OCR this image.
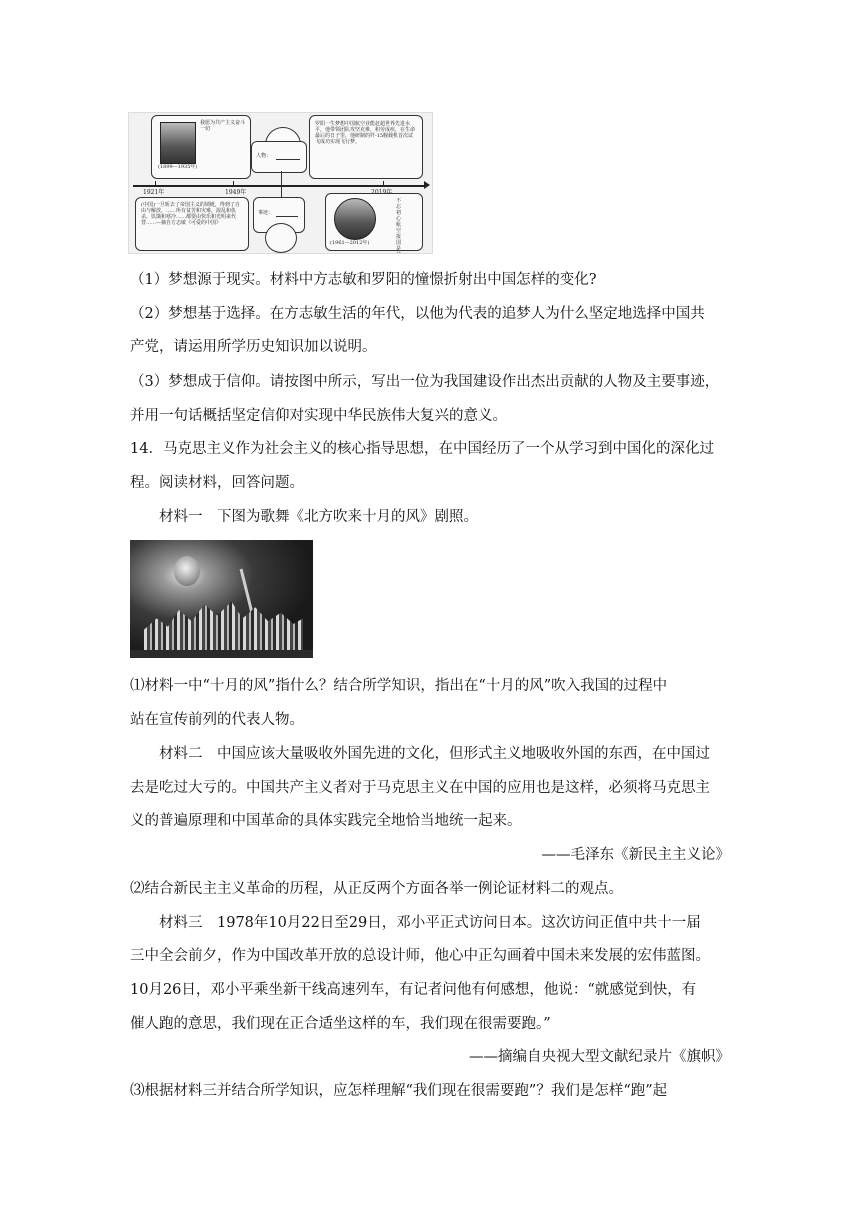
(1899—1935年)
我愿为共产主义奋斗一切
人物：
罗阳一生梦想中国航空业能赶超世界先进水平，他带领团队攻坚克难，积劳成疾，在生命最后的日子里，他研制的歼-15舰载机首次试飞成功实现飞行梦。
1921年	1949年
(中国)一旦斩去了帝国主义的锁链，得到了自由与解放，……所有贫苦和灾难，混乱和仇杀，饥饿和寒冷……都要由快乐和光明来代替……—摘自方志敏《可爱的中国》
事迹：
(1961—2012年)
不忘初心 航空报国 是
（1）梦想源于现实。材料中方志敏和罗阳的憧憬折射出中国怎样的变化?
（2）梦想基于选择。在方志敏生活的年代，以他为代表的追梦人为什么坚定地选择中国共
产党，请运用所学历史知识加以说明。
（3）梦想成于信仰。请按图中所示，写出一位为我国建设作出杰出贡献的人物及主要事迹，
并用一句话概括坚定信仰对实现中华民族伟大复兴的意义。
14．马克思主义作为社会主义的核心指导思想，在中国经历了一个从学习到中国化的深化过
程。阅读材料，回答问题。
材料一　下图为歌舞《北方吹来十月的风》剧照。
⑴材料一中“十月的风”指什么？结合所学知识，指出在“十月的风”吹入我国的过程中
站在宣传前列的代表人物。
材料二　中国应该大量吸收外国先进的文化，但形式主义地吸收外国的东西，在中国过
去是吃过大亏的。中国共产主义者对于马克思主义在中国的应用也是这样，必须将马克思主
义的普遍原理和中国革命的具体实践完全地恰当地统一起来。
——毛泽东《新民主主义论》
⑵结合新民主主义革命的历程，从正反两个方面各举一例论证材料二的观点。
材料三　1978年10月22日至29日，邓小平正式访问日本。这次访问正值中共十一届
三中全会前夕，作为中国改革开放的总设计师，他心中正勾画着中国未来发展的宏伟蓝图。
10月26日，邓小平乘坐新干线高速列车，有记者问他有何感想，他说：“就感觉到快，有
催人跑的意思，我们现在正合适坐这样的车，我们现在很需要跑。”
——摘编自央视大型文献纪录片《旗帜》
⑶根据材料三并结合所学知识，应怎样理解“我们现在很需要跑”？我们是怎样“跑”起
